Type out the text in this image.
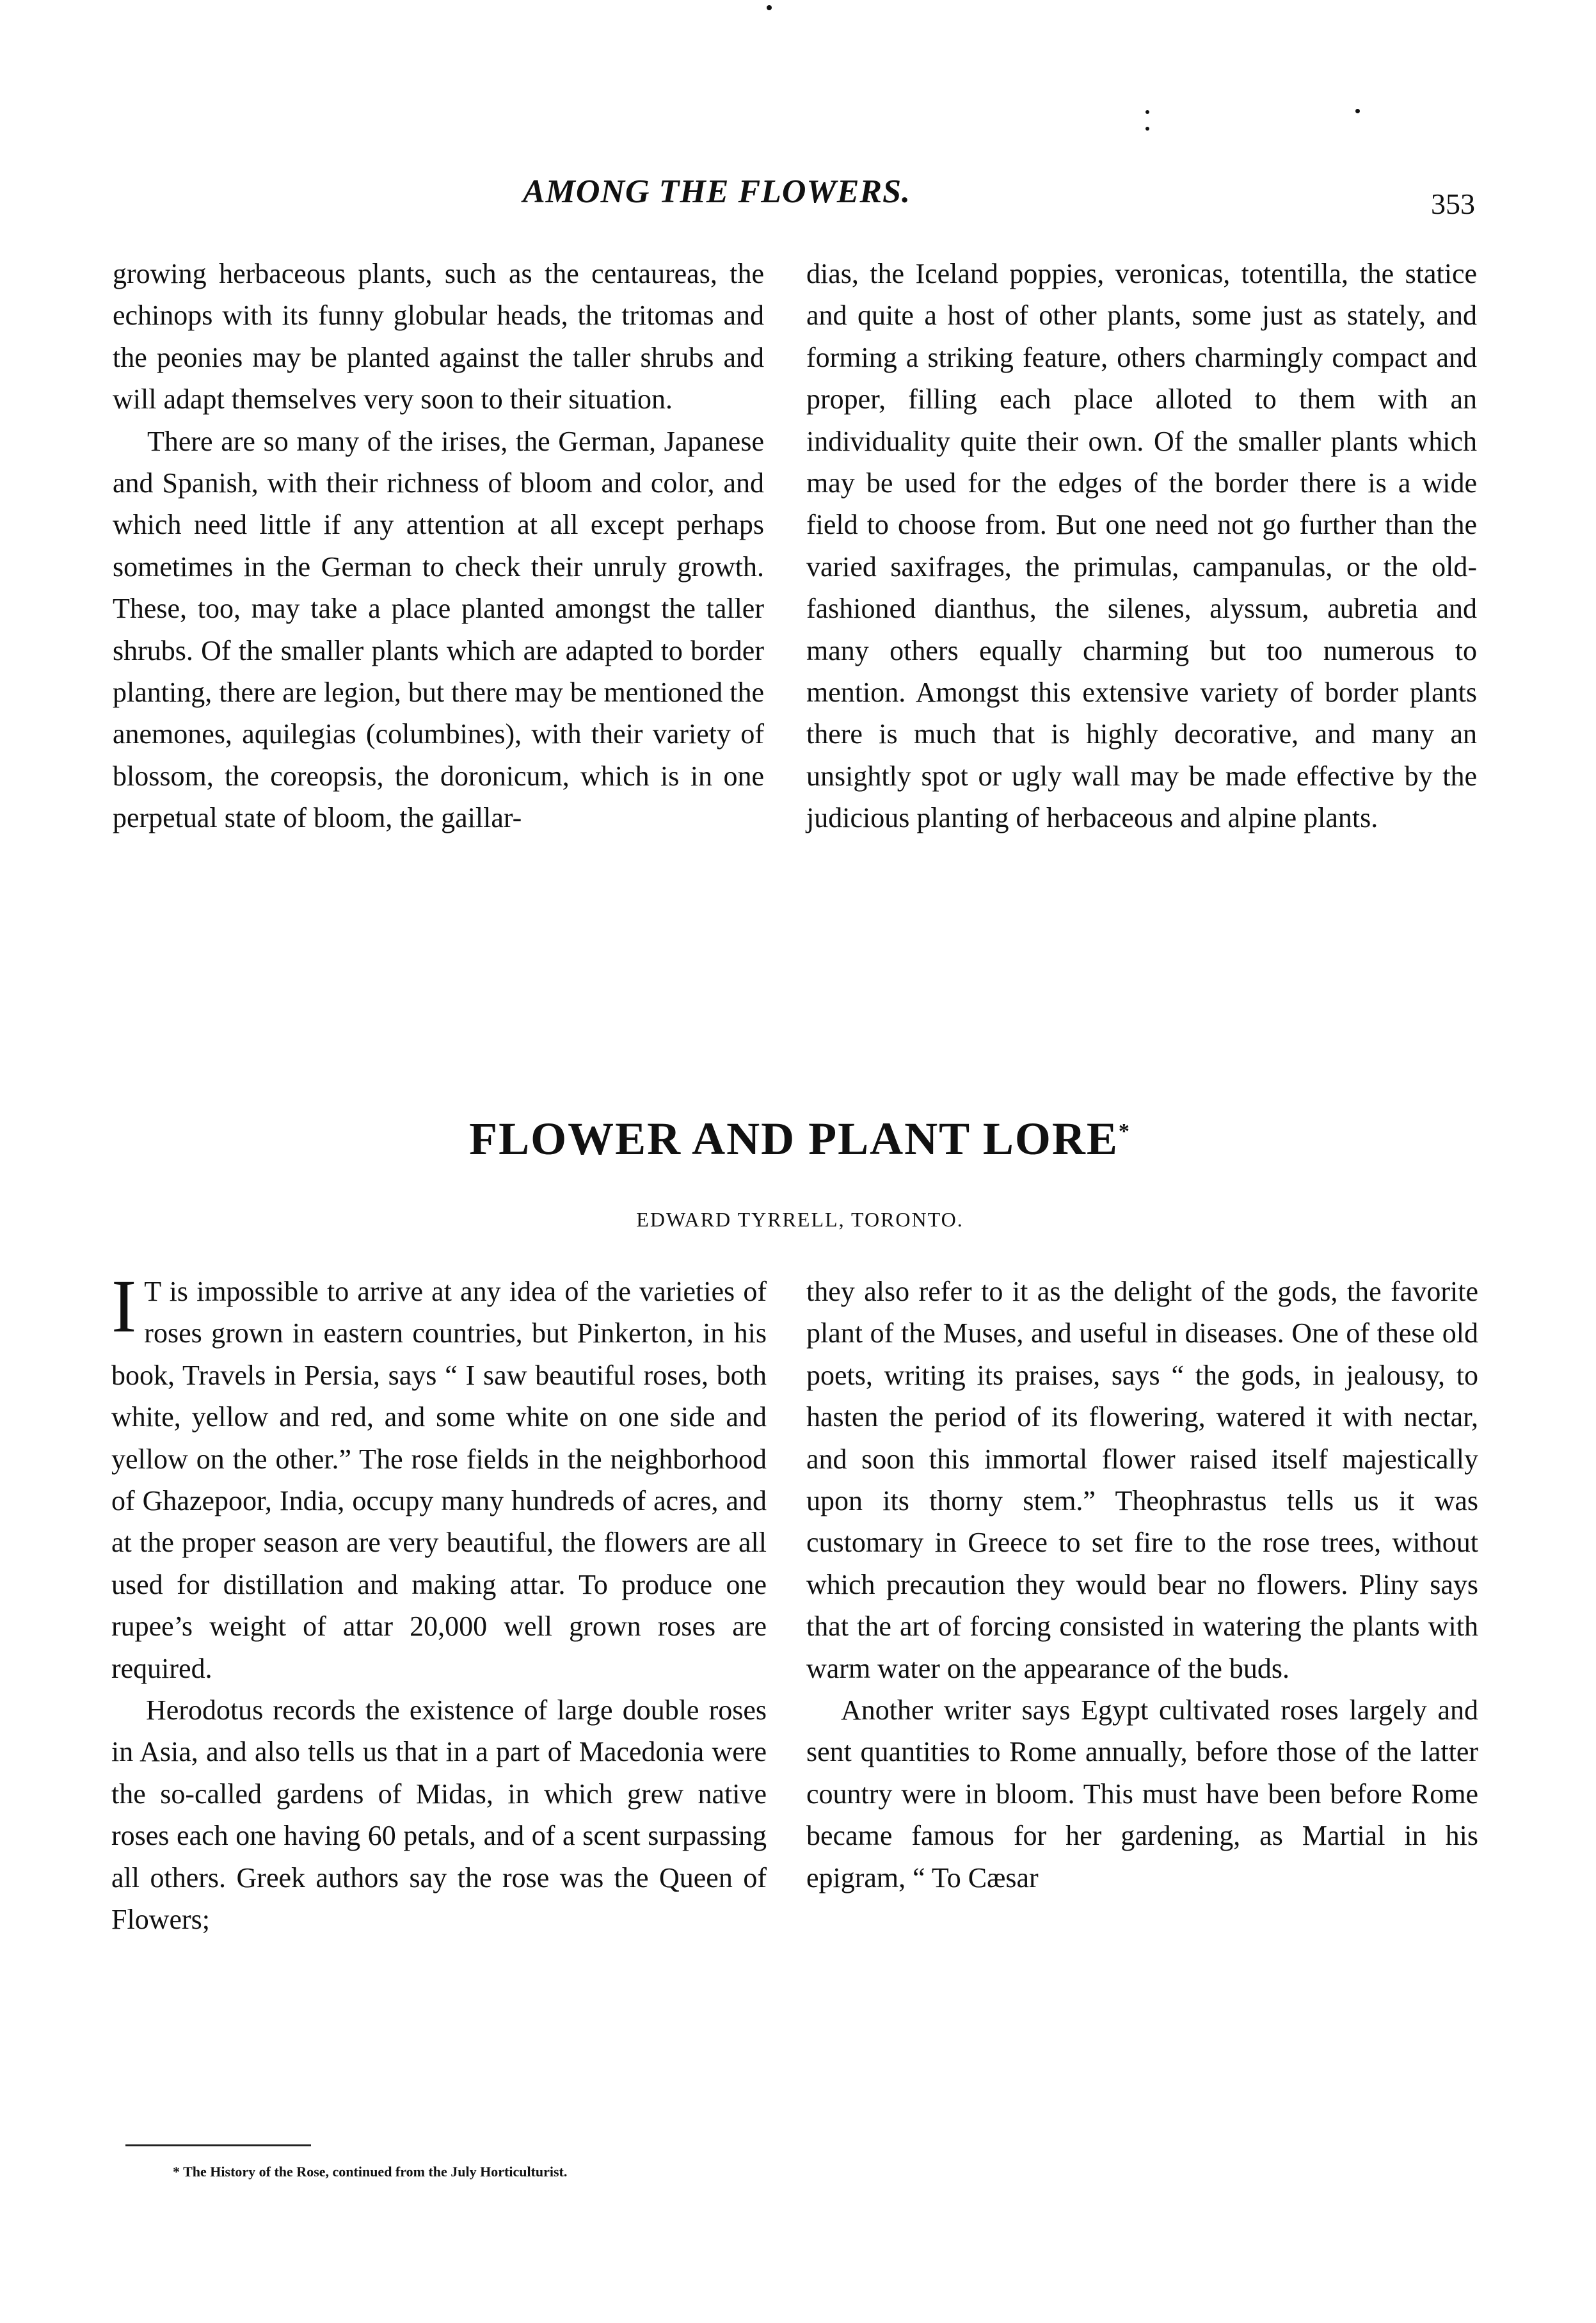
AMONG THE FLOWERS.	353

growing herbaceous plants, such as the centaureas, the echinops with its funny globular heads, the tritomas and the peonies may be planted against the taller shrubs and will adapt themselves very soon to their situation.

There are so many of the irises, the German, Japanese and Spanish, with their richness of bloom and color, and which need little if any attention at all except perhaps sometimes in the German to check their unruly growth. These, too, may take a place planted amongst the taller shrubs. Of the smaller plants which are adapted to border planting, there are legion, but there may be mentioned the anemones, aquilegias (columbines), with their variety of blossom, the coreopsis, the doronicum, which is in one perpetual state of bloom, the gaillar-

dias, the Iceland poppies, veronicas, totentilla, the statice and quite a host of other plants, some just as stately, and forming a striking feature, others charmingly compact and proper, filling each place alloted to them with an individuality quite their own. Of the smaller plants which may be used for the edges of the border there is a wide field to choose from. But one need not go further than the varied saxifrages, the primulas, campanulas, or the old-fashioned dianthus, the silenes, alyssum, aubretia and many others equally charming but too numerous to mention. Amongst this extensive variety of border plants there is much that is highly decorative, and many an unsightly spot or ugly wall may be made effective by the judicious planting of herbaceous and alpine plants.

FLOWER AND PLANT LORE*
EDWARD TYRRELL, TORONTO.

I T is impossible to arrive at any idea of the varieties of roses grown in eastern countries, but Pinkerton, in his book, Travels in Persia, says “ I saw beautiful roses, both white, yellow and red, and some white on one side and yellow on the other.” The rose fields in the neighborhood of Ghazepoor, India, occupy many hundreds of acres, and at the proper season are very beautiful, the flowers are all used for distillation and making attar. To produce one rupee’s weight of attar 20,000 well grown roses are required.

Herodotus records the existence of large double roses in Asia, and also tells us that in a part of Macedonia were the so-called gardens of Midas, in which grew native roses each one having 60 petals, and of a scent surpassing all others. Greek authors say the rose was the Queen of Flowers;

they also refer to it as the delight of the gods, the favorite plant of the Muses, and useful in diseases. One of these old poets, writing its praises, says “ the gods, in jealousy, to hasten the period of its flowering, watered it with nectar, and soon this immortal flower raised itself majestically upon its thorny stem.” Theophrastus tells us it was customary in Greece to set fire to the rose trees, without which precaution they would bear no flowers. Pliny says that the art of forcing consisted in watering the plants with warm water on the appearance of the buds.

Another writer says Egypt cultivated roses largely and sent quantities to Rome annually, before those of the latter country were in bloom. This must have been before Rome became famous for her gardening, as Martial in his epigram, “ To Cæsar

* The History of the Rose, continued from the July Horticulturist.
